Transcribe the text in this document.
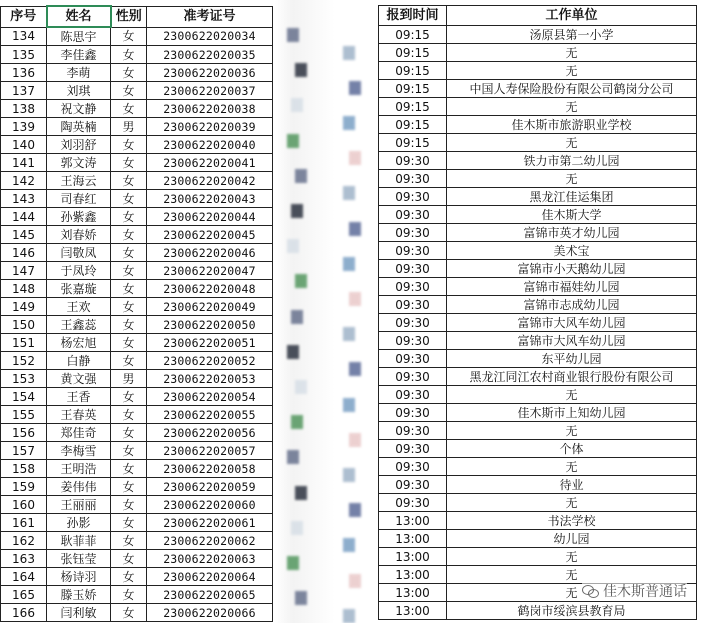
序号	姓名	性别	准考证号
134	陈思宇	女	2300622020034
135	李佳鑫	女	2300622020035
136	李萌	女	2300622020036
137	刘琪	女	2300622020037
138	祝文静	女	2300622020038
139	陶英楠	男	2300622020039
140	刘羽舒	女	2300622020040
141	郭文涛	女	2300622020041
142	王海云	女	2300622020042
143	司春红	女	2300622020043
144	孙紫鑫	女	2300622020044
145	刘春娇	女	2300622020045
146	闫敬凤	女	2300622020046
147	于凤玲	女	2300622020047
148	张嘉璇	女	2300622020048
149	王欢	女	2300622020049
150	王鑫蕊	女	2300622020050
151	杨宏旭	女	2300622020051
152	白静	女	2300622020052
153	黄文强	男	2300622020053
154	王香	女	2300622020054
155	王春英	女	2300622020055
156	郑佳奇	女	2300622020056
157	李梅雪	女	2300622020057
158	王明浩	女	2300622020058
159	姜伟伟	女	2300622020059
160	王丽丽	女	2300622020060
161	孙影	女	2300622020061
162	耿菲菲	女	2300622020062
163	张钰莹	女	2300622020063
164	杨诗羽	女	2300622020064
165	滕玉娇	女	2300622020065
166	闫利敏	女	2300622020066
报到时间	工作单位
09:15	汤原县第一小学
09:15	无
09:15	无
09:15	中国人寿保险股份有限公司鹤岗分公司
09:15	无
09:15	佳木斯市旅游职业学校
09:15	无
09:30	铁力市第二幼儿园
09:30	无
09:30	黑龙江佳运集团
09:30	佳木斯大学
09:30	富锦市英才幼儿园
09:30	美术宝
09:30	富锦市小天鹅幼儿园
09:30	富锦市福娃幼儿园
09:30	富锦市志成幼儿园
09:30	富锦市大风车幼儿园
09:30	富锦市大风车幼儿园
09:30	东平幼儿园
09:30	黑龙江同江农村商业银行股份有限公司
09:30	无
09:30	佳木斯市上知幼儿园
09:30	无
09:30	个体
09:30	无
09:30	待业
09:30	无
13:00	书法学校
13:00	幼儿园
13:00	无
13:00	无
13:00	无
13:00	鹤岗市绥滨县教育局
佳木斯普通话
